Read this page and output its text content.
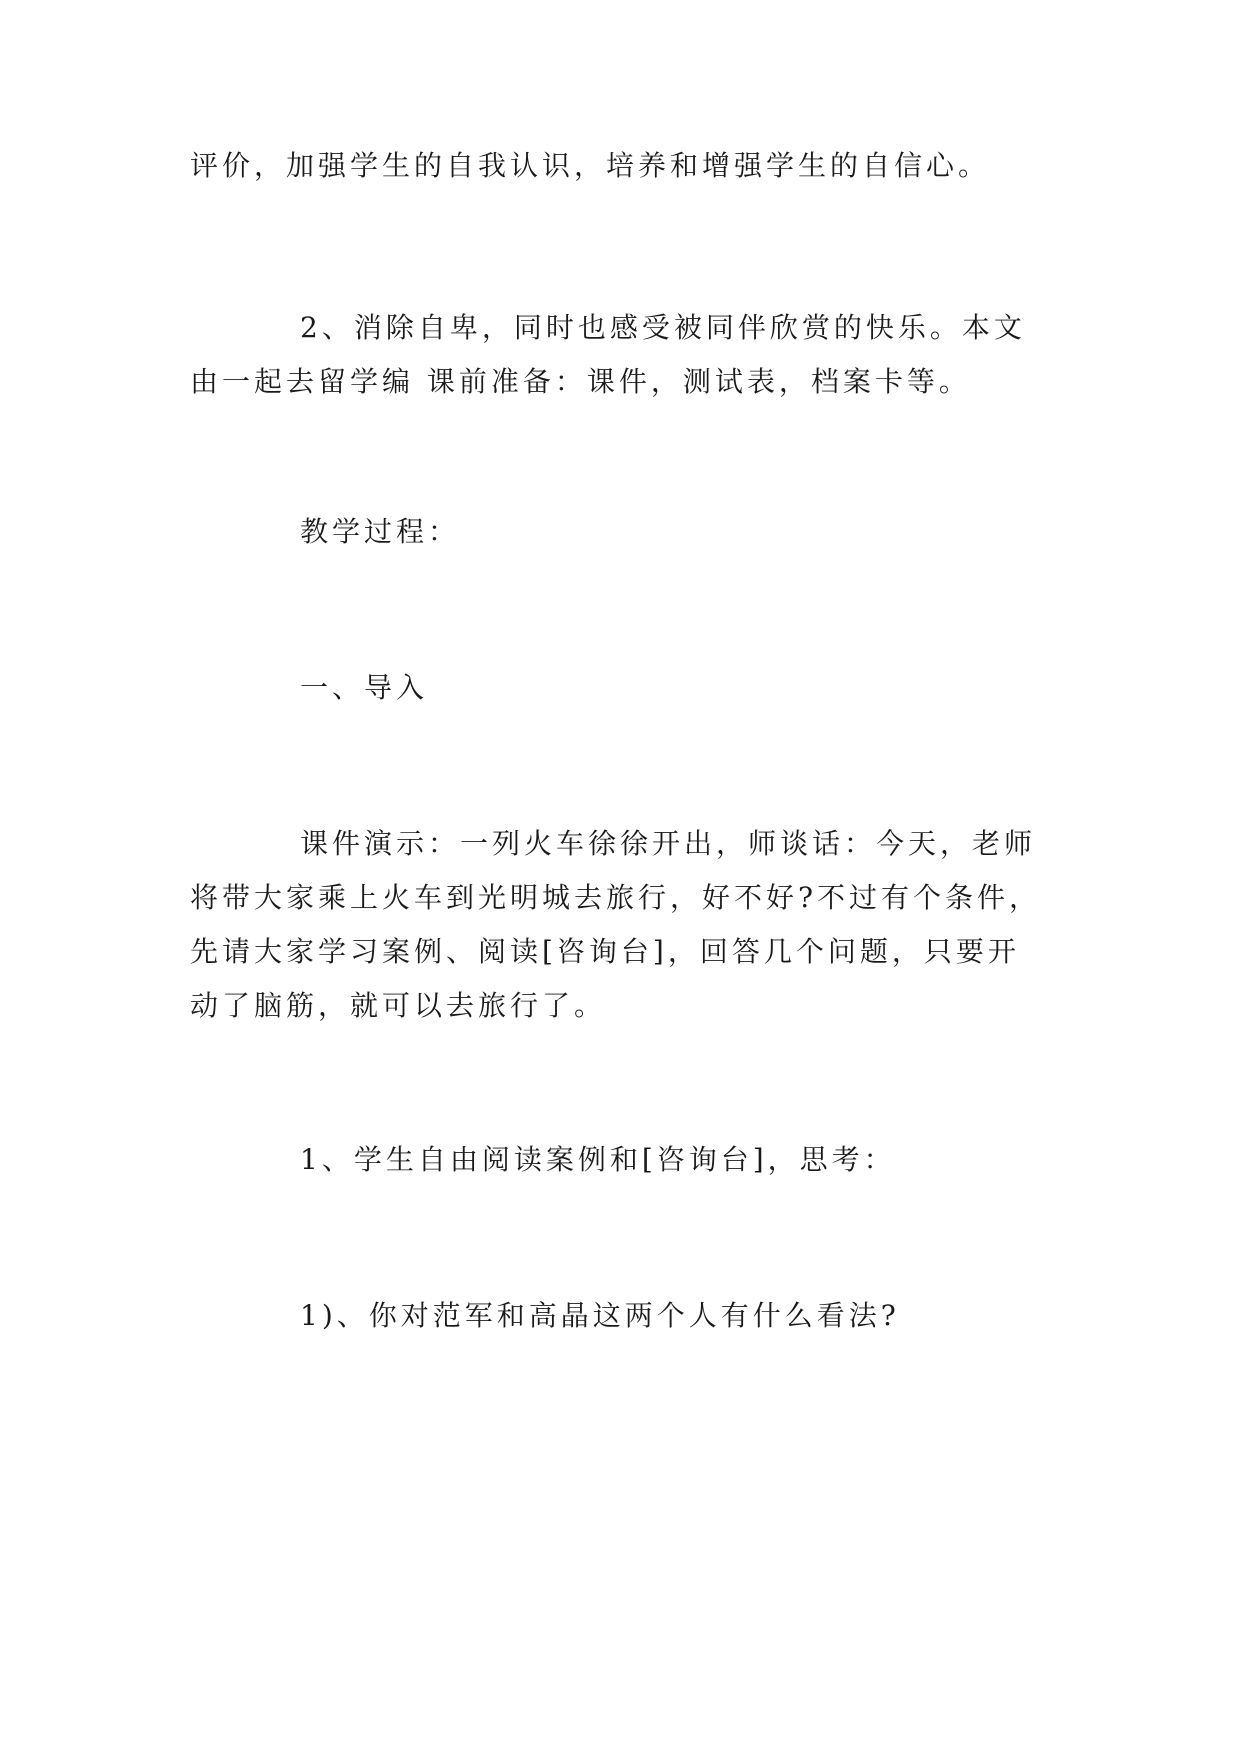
评价，加强学生的自我认识，培养和增强学生的自信心。

2、消除自卑，同时也感受被同伴欣赏的快乐。本文
由一起去留学编 课前准备：课件，测试表，档案卡等。

教学过程：

一、导入

课件演示：一列火车徐徐开出，师谈话：今天，老师
将带大家乘上火车到光明城去旅行，好不好?不过有个条件，
先请大家学习案例、阅读[咨询台]，回答几个问题，只要开
动了脑筋，就可以去旅行了。

1、学生自由阅读案例和[咨询台]，思考：

1)、你对范军和高晶这两个人有什么看法?
